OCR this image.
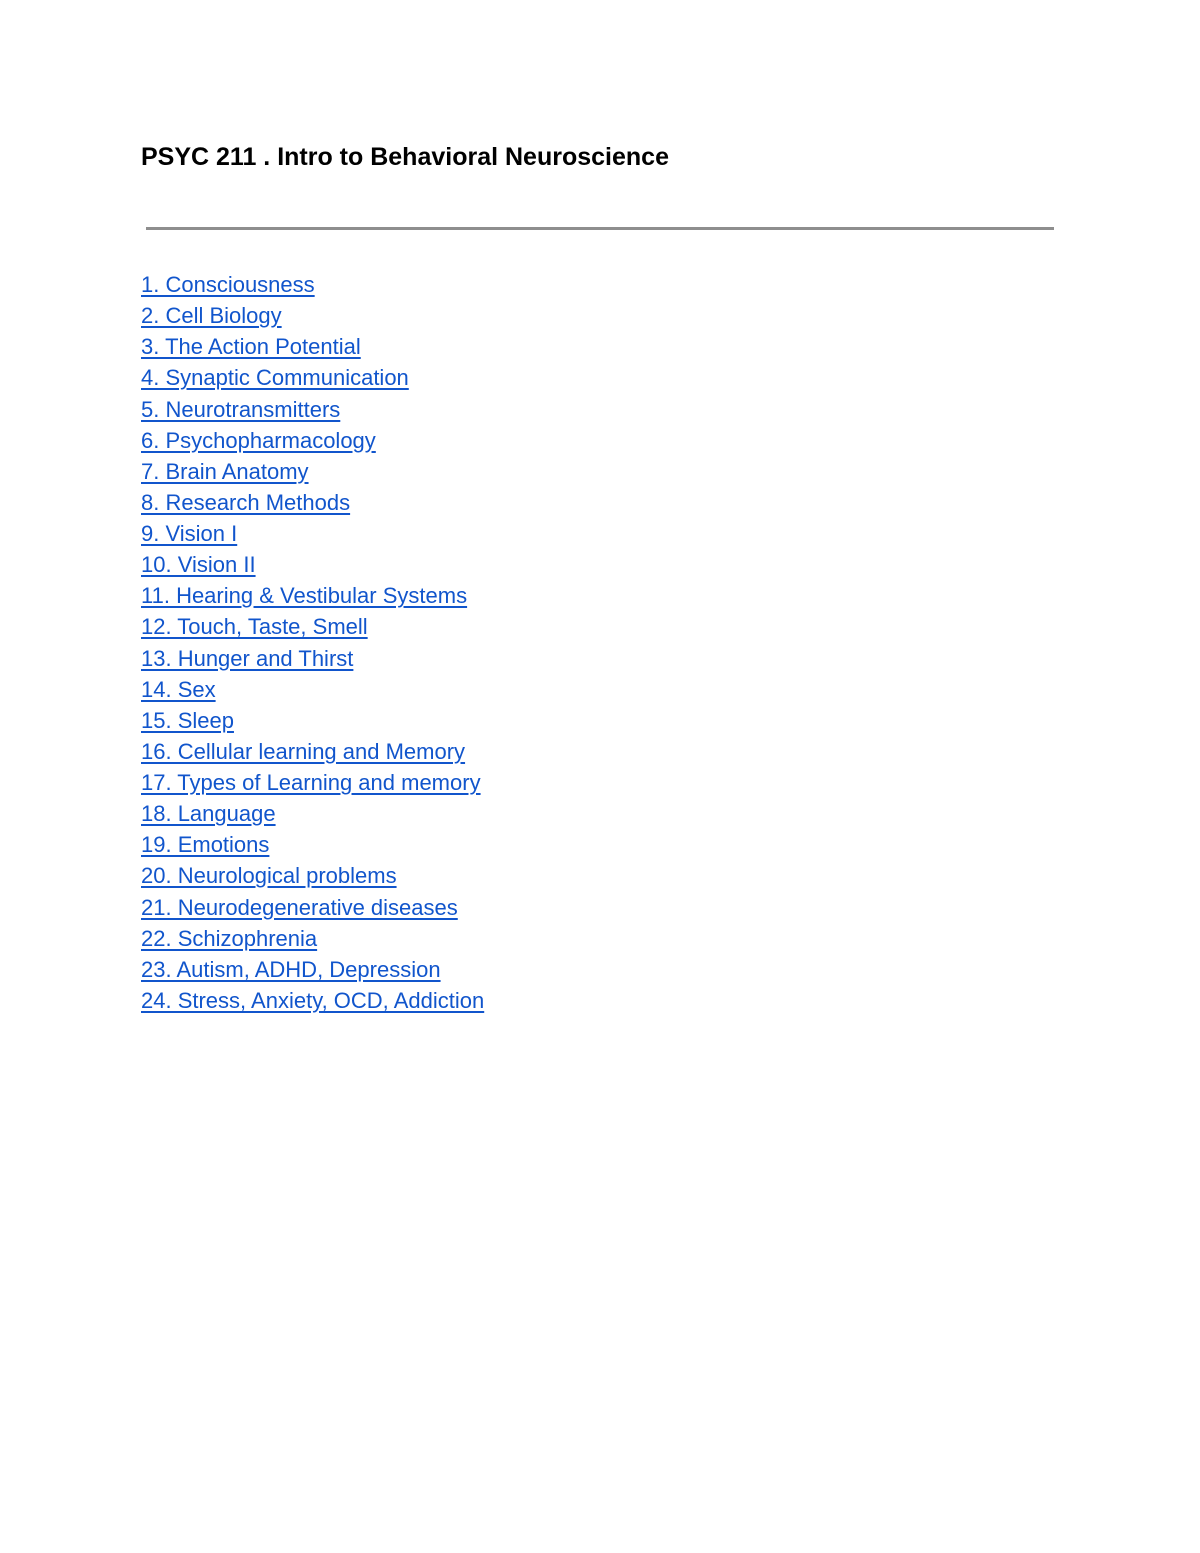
PSYC 211 . Intro to Behavioral Neuroscience
1. Consciousness
2. Cell Biology
3. The Action Potential
4. Synaptic Communication
5. Neurotransmitters
6. Psychopharmacology
7. Brain Anatomy
8. Research Methods
9. Vision I
10. Vision II
11. Hearing & Vestibular Systems
12. Touch, Taste, Smell
13. Hunger and Thirst
14. Sex
15. Sleep
16. Cellular learning and Memory
17. Types of Learning and memory
18. Language
19. Emotions
20. Neurological problems
21. Neurodegenerative diseases
22. Schizophrenia
23. Autism, ADHD, Depression
24. Stress, Anxiety, OCD, Addiction
